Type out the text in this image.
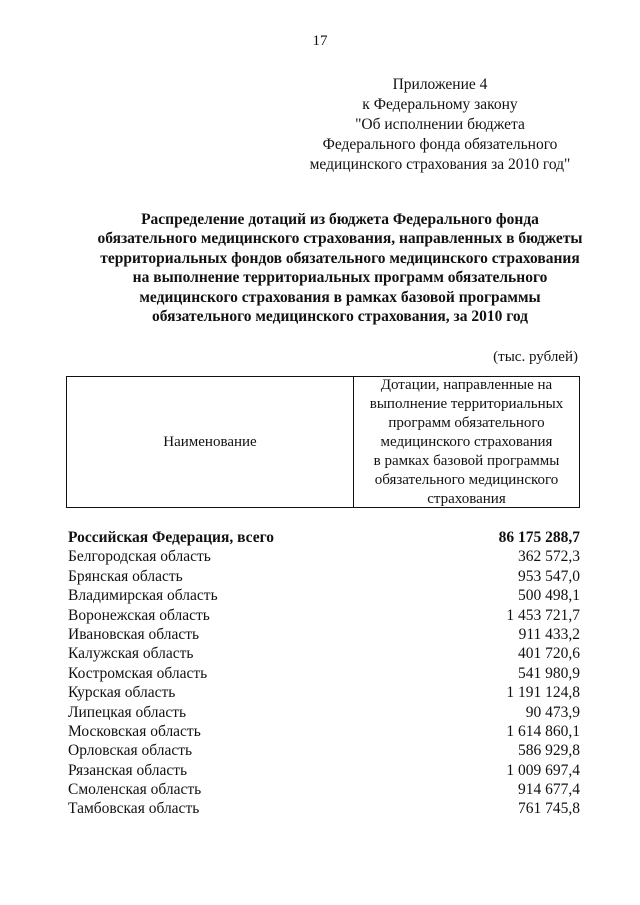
17
Приложение 4
к Федеральному закону
"Об исполнении бюджета
Федерального фонда обязательного
медицинского страхования за 2010 год"
Распределение дотаций из бюджета Федерального фонда
обязательного медицинского страхования, направленных в бюджеты
территориальных фондов обязательного медицинского страхования
на выполнение территориальных программ обязательного
медицинского страхования в рамках базовой программы
обязательного медицинского страхования, за 2010 год
(тыс. рублей)
Наименование
Дотации, направленные на
выполнение территориальных
программ обязательного
медицинского страхования
в рамках базовой программы
обязательного медицинского
страхования
Российская Федерация, всего	86 175 288,7
Белгородская область	362 572,3
Брянская область	953 547,0
Владимирская область	500 498,1
Воронежская область	1 453 721,7
Ивановская область	911 433,2
Калужская область	401 720,6
Костромская область	541 980,9
Курская область	1 191 124,8
Липецкая область	90 473,9
Московская область	1 614 860,1
Орловская область	586 929,8
Рязанская область	1 009 697,4
Смоленская область	914 677,4
Тамбовская область	761 745,8
